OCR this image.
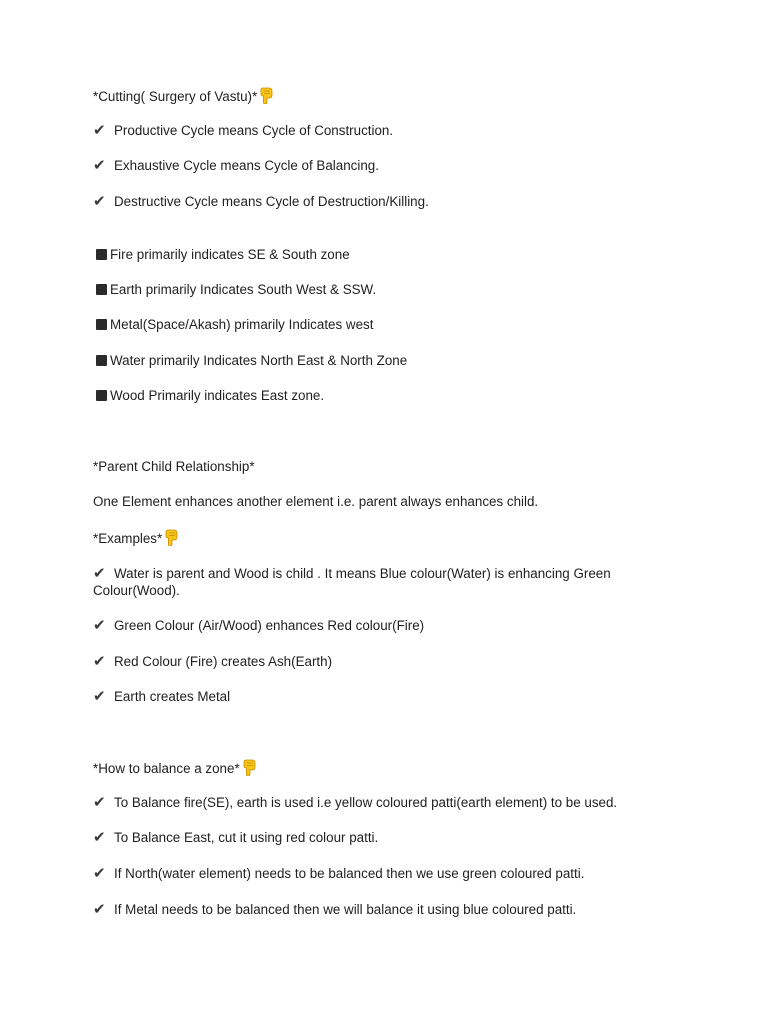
*Cutting( Surgery of Vastu)*
✔ Productive Cycle means Cycle of Construction.
✔ Exhaustive Cycle means Cycle of Balancing.
✔ Destructive Cycle means Cycle of Destruction/Killing.
Fire primarily indicates SE & South zone
Earth primarily Indicates South West & SSW.
Metal(Space/Akash) primarily Indicates west
Water primarily Indicates North East & North Zone
Wood Primarily indicates East zone.
*Parent Child Relationship*
One Element enhances another element i.e. parent always enhances child.
*Examples*
✔ Water is parent and Wood is child . It means Blue colour(Water) is enhancing Green Colour(Wood).
✔ Green Colour (Air/Wood) enhances Red colour(Fire)
✔ Red Colour (Fire) creates Ash(Earth)
✔ Earth creates Metal
*How to balance a zone*
✔ To Balance fire(SE), earth is used i.e yellow coloured patti(earth element) to be used.
✔ To Balance East, cut it using red colour patti.
✔ If North(water element) needs to be balanced then we use green coloured patti.
✔ If Metal needs to be balanced then we will balance it using blue coloured patti.
